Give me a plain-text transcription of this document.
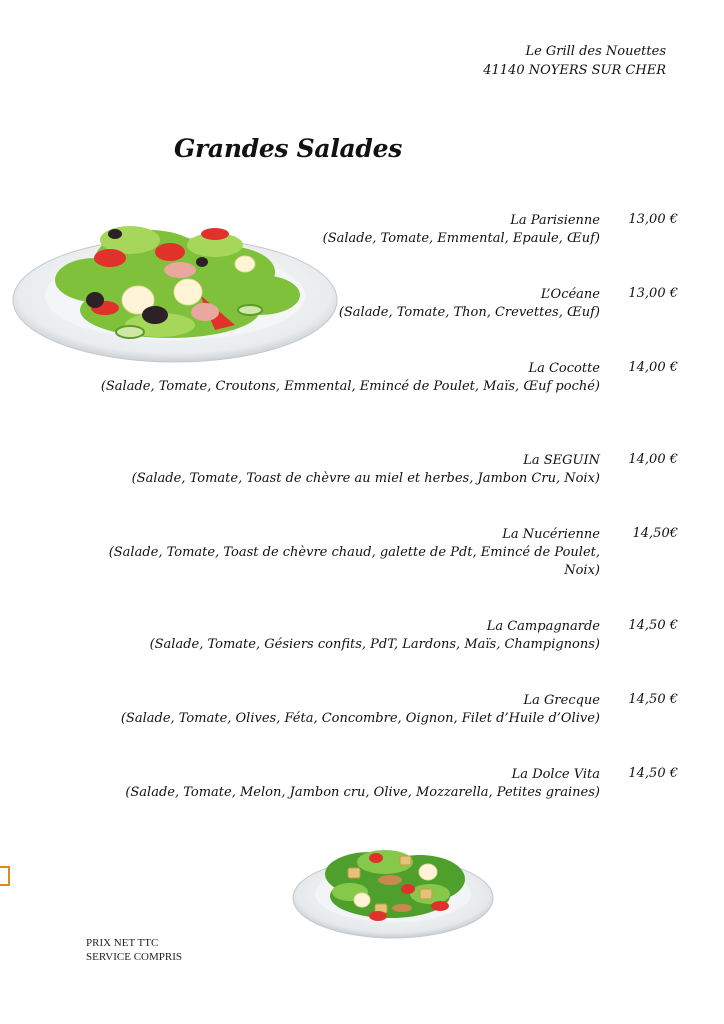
Le Grill des Nouettes
41140 NOYERS SUR CHER
Grandes Salades
La Parisienne
(Salade, Tomate, Emmental, Epaule, Œuf)
13,00 €
L’Océane
(Salade, Tomate, Thon, Crevettes, Œuf)
13,00 €
La Cocotte
(Salade, Tomate, Croutons, Emmental, Emincé de Poulet, Maïs, Œuf poché)
14,00 €
La SEGUIN
(Salade, Tomate, Toast de chèvre au miel et herbes, Jambon Cru, Noix)
14,00 €
La Nucérienne
(Salade, Tomate, Toast de chèvre chaud, galette de Pdt, Emincé de Poulet, Noix)
14,50€
La Campagnarde
(Salade, Tomate, Gésiers confits, PdT, Lardons, Maïs, Champignons)
14,50 €
La Grecque
(Salade, Tomate, Olives, Féta, Concombre, Oignon, Filet d’Huile d’Olive)
14,50 €
La Dolce Vita
(Salade, Tomate, Melon, Jambon cru, Olive, Mozzarella, Petites graines)
14,50 €
PRIX NET TTC
SERVICE COMPRIS
